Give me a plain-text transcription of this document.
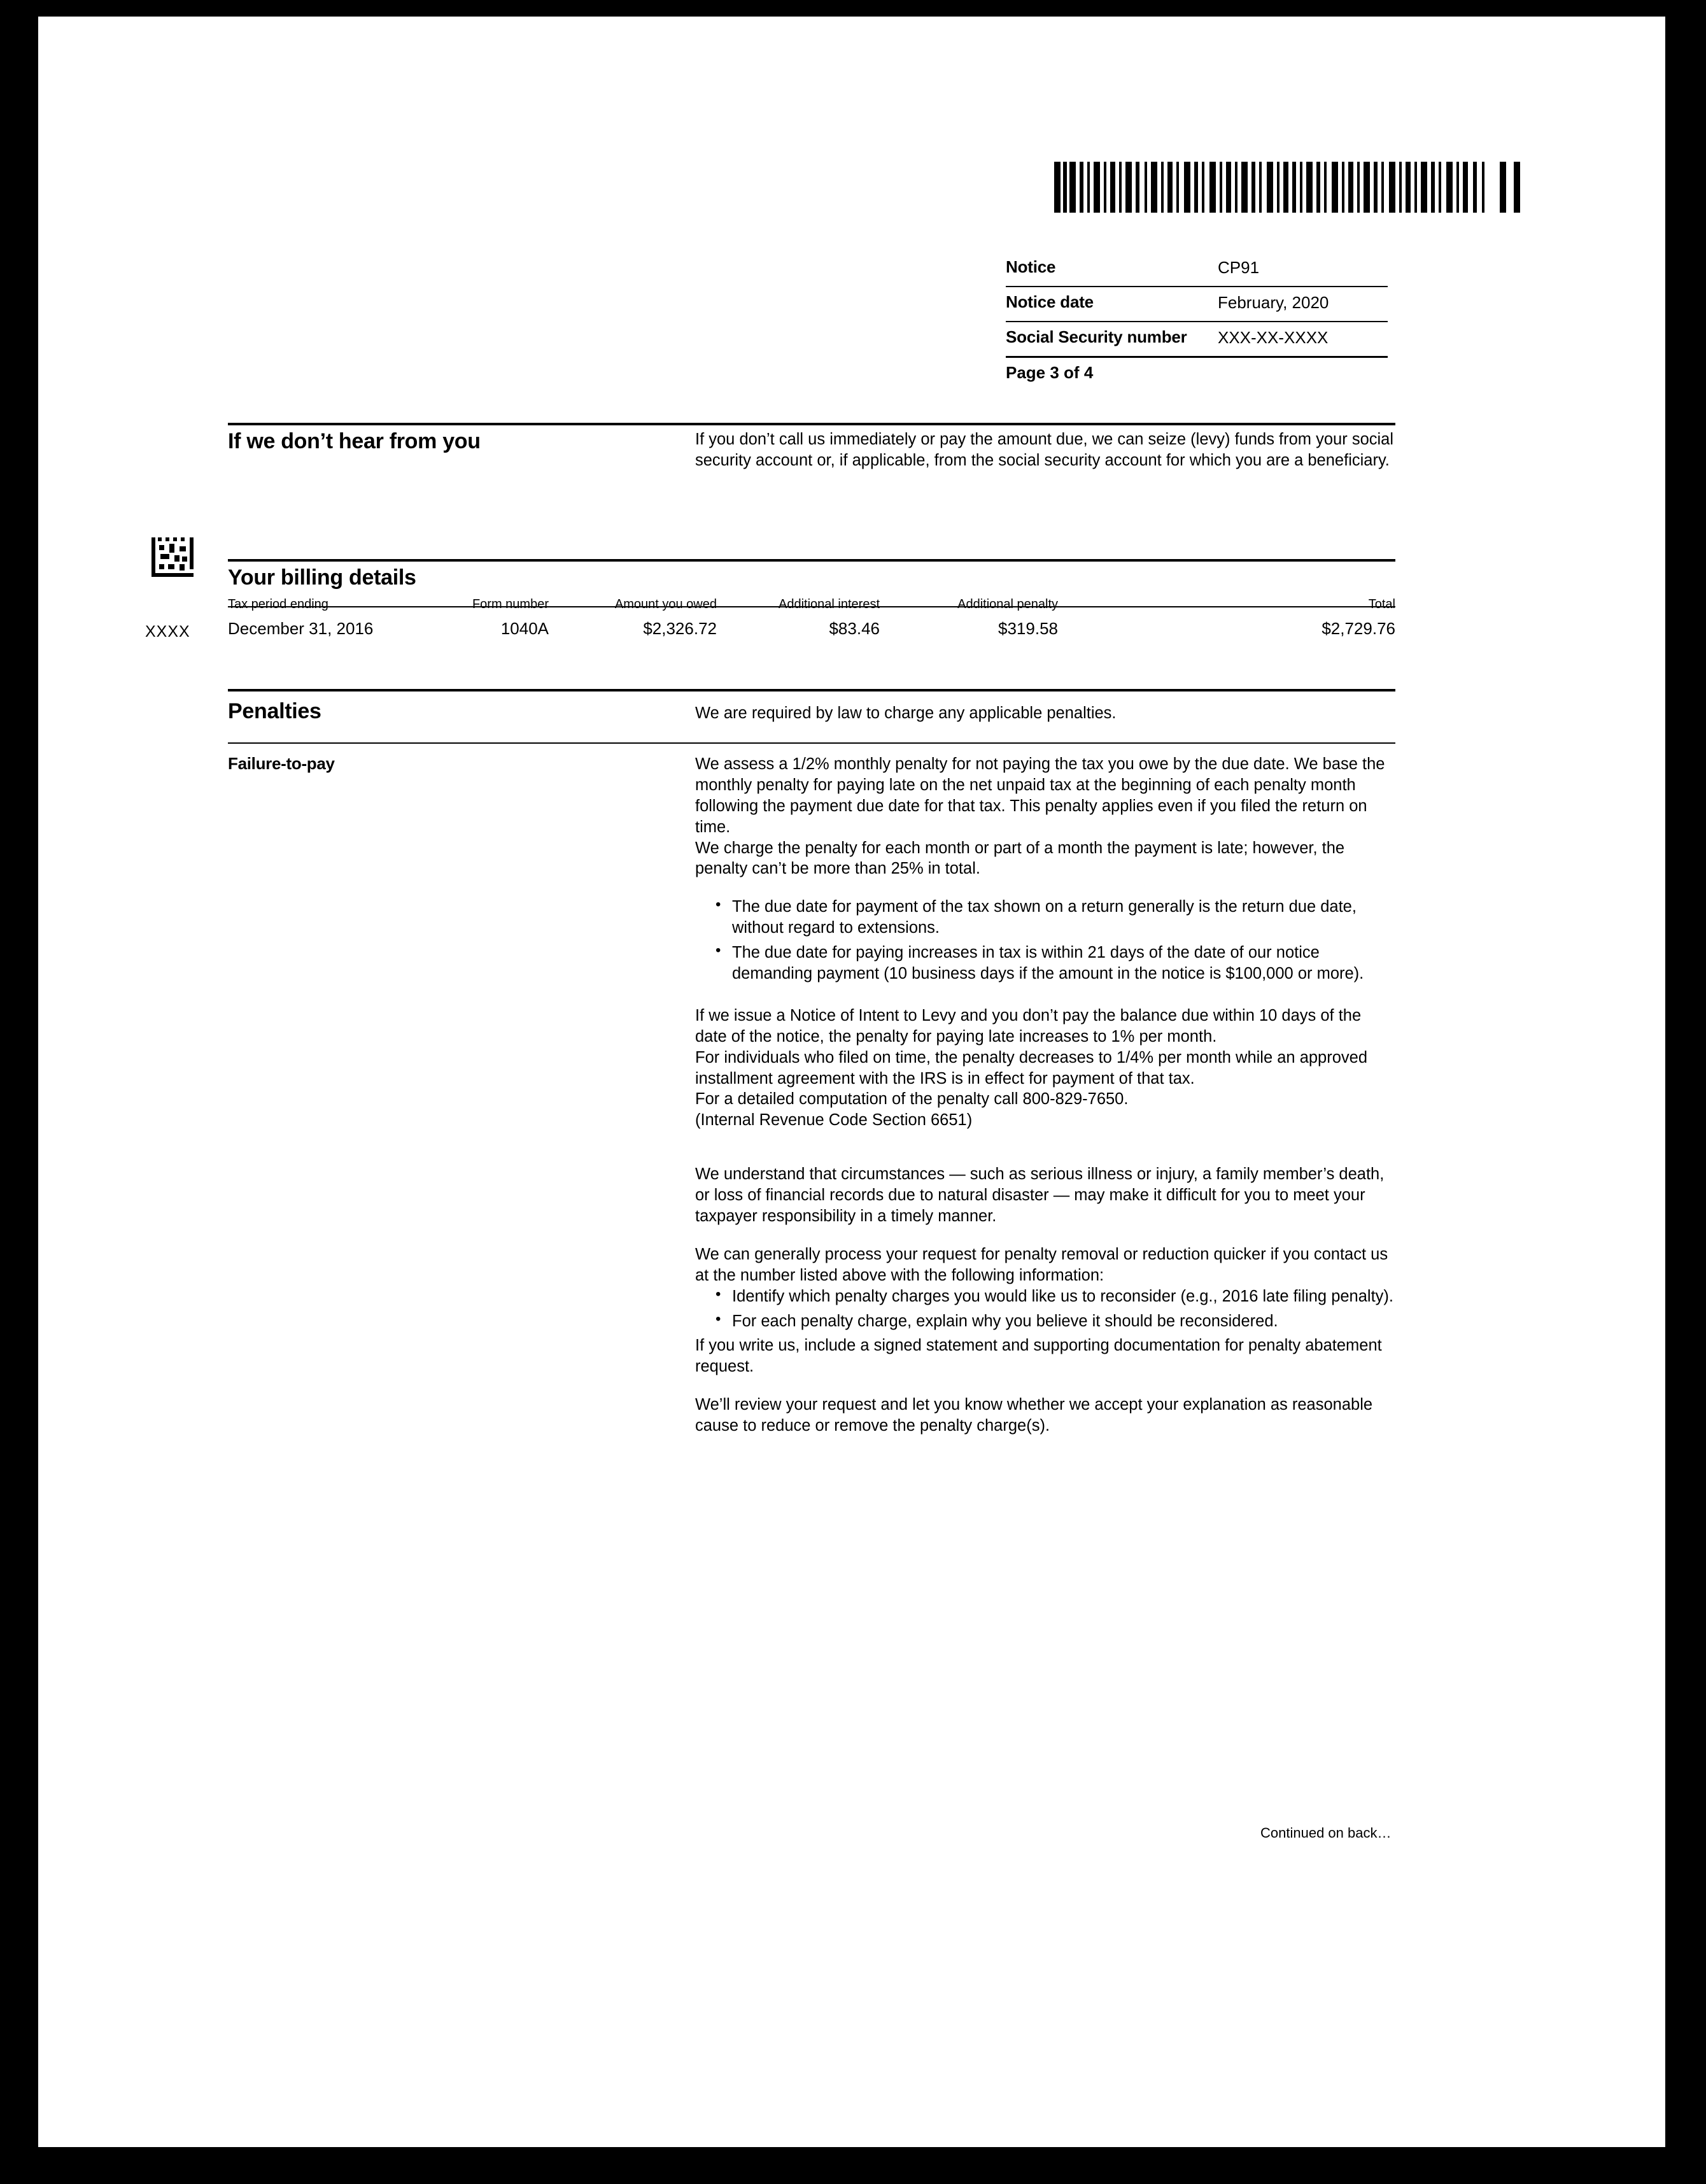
Notice	CP91
Notice date	February, 2020
Social Security number XXX-XX-XXXX
Page 3 of 4
If we don’t hear from you	If you don’t call us immediately or pay the amount due, we can seize (levy) funds from your social security account or, if applicable, from the social security account for which you are a beneficiary.
XXXX
Your billing details
Tax period ending	Form number	Amount you owed	Additional interest	Additional penalty	Total
December 31, 2016	1040A	$2,326.72	$83.46	$319.58	$2,729.76
Penalties	We are required by law to charge any applicable penalties.
Failure-to-pay	We assess a 1/2% monthly penalty for not paying the tax you owe by the due date. We base the monthly penalty for paying late on the net unpaid tax at the beginning of each penalty month following the payment due date for that tax. This penalty applies even if you filed the return on time.

We charge the penalty for each month or part of a month the payment is late; however, the penalty can’t be more than 25% in total.

• The due date for payment of the tax shown on a return generally is the return due date, without regard to extensions.
• The due date for paying increases in tax is within 21 days of the date of our notice demanding payment (10 business days if the amount in the notice is $100,000 or more).

If we issue a Notice of Intent to Levy and you don’t pay the balance due within 10 days of the date of the notice, the penalty for paying late increases to 1% per month.

For individuals who filed on time, the penalty decreases to 1/4% per month while an approved installment agreement with the IRS is in effect for payment of that tax.

For a detailed computation of the penalty call 800-829-7650.

(Internal Revenue Code Section 6651)

We understand that circumstances — such as serious illness or injury, a family member’s death, or loss of financial records due to natural disaster — may make it difficult for you to meet your taxpayer responsibility in a timely manner.

We can generally process your request for penalty removal or reduction quicker if you contact us at the number listed above with the following information:

• Identify which penalty charges you would like us to reconsider (e.g., 2016 late filing penalty).
• For each penalty charge, explain why you believe it should be reconsidered.

If you write us, include a signed statement and supporting documentation for penalty abatement request.

We’ll review your request and let you know whether we accept your explanation as reasonable cause to reduce or remove the penalty charge(s).

Continued on back…
